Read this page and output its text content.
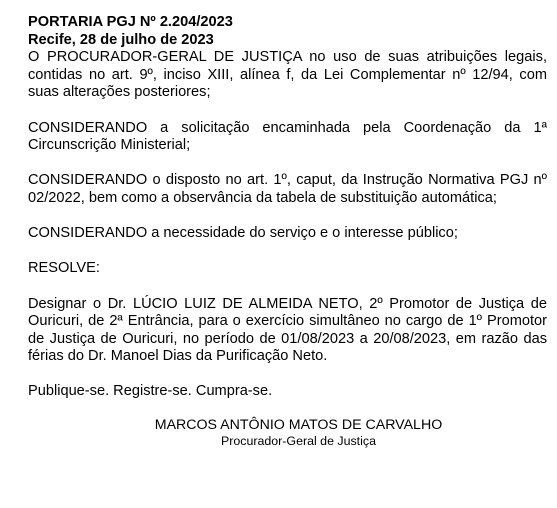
PORTARIA PGJ Nº 2.204/2023

Recife, 28 de julho de 2023

O PROCURADOR-GERAL DE JUSTIÇA no uso de suas atribuições legais, contidas no art. 9º, inciso XIII, alínea f, da Lei Complementar nº 12/94, com suas alterações posteriores;

CONSIDERANDO a solicitação encaminhada pela Coordenação da 1ª Circunscrição Ministerial;

CONSIDERANDO o disposto no art. 1º, caput, da Instrução Normativa PGJ nº 02/2022, bem como a observância da tabela de substituição automática;

CONSIDERANDO a necessidade do serviço e o interesse público;

RESOLVE:

Designar o Dr. LÚCIO LUIZ DE ALMEIDA NETO, 2º Promotor de Justiça de Ouricuri, de 2ª Entrância, para o exercício simultâneo no cargo de 1º Promotor de Justiça de Ouricuri, no período de 01/08/2023 a 20/08/2023, em razão das férias do Dr. Manoel Dias da Purificação Neto.

Publique-se. Registre-se. Cumpra-se.

MARCOS ANTÔNIO MATOS DE CARVALHO

Procurador-Geral de Justiça
